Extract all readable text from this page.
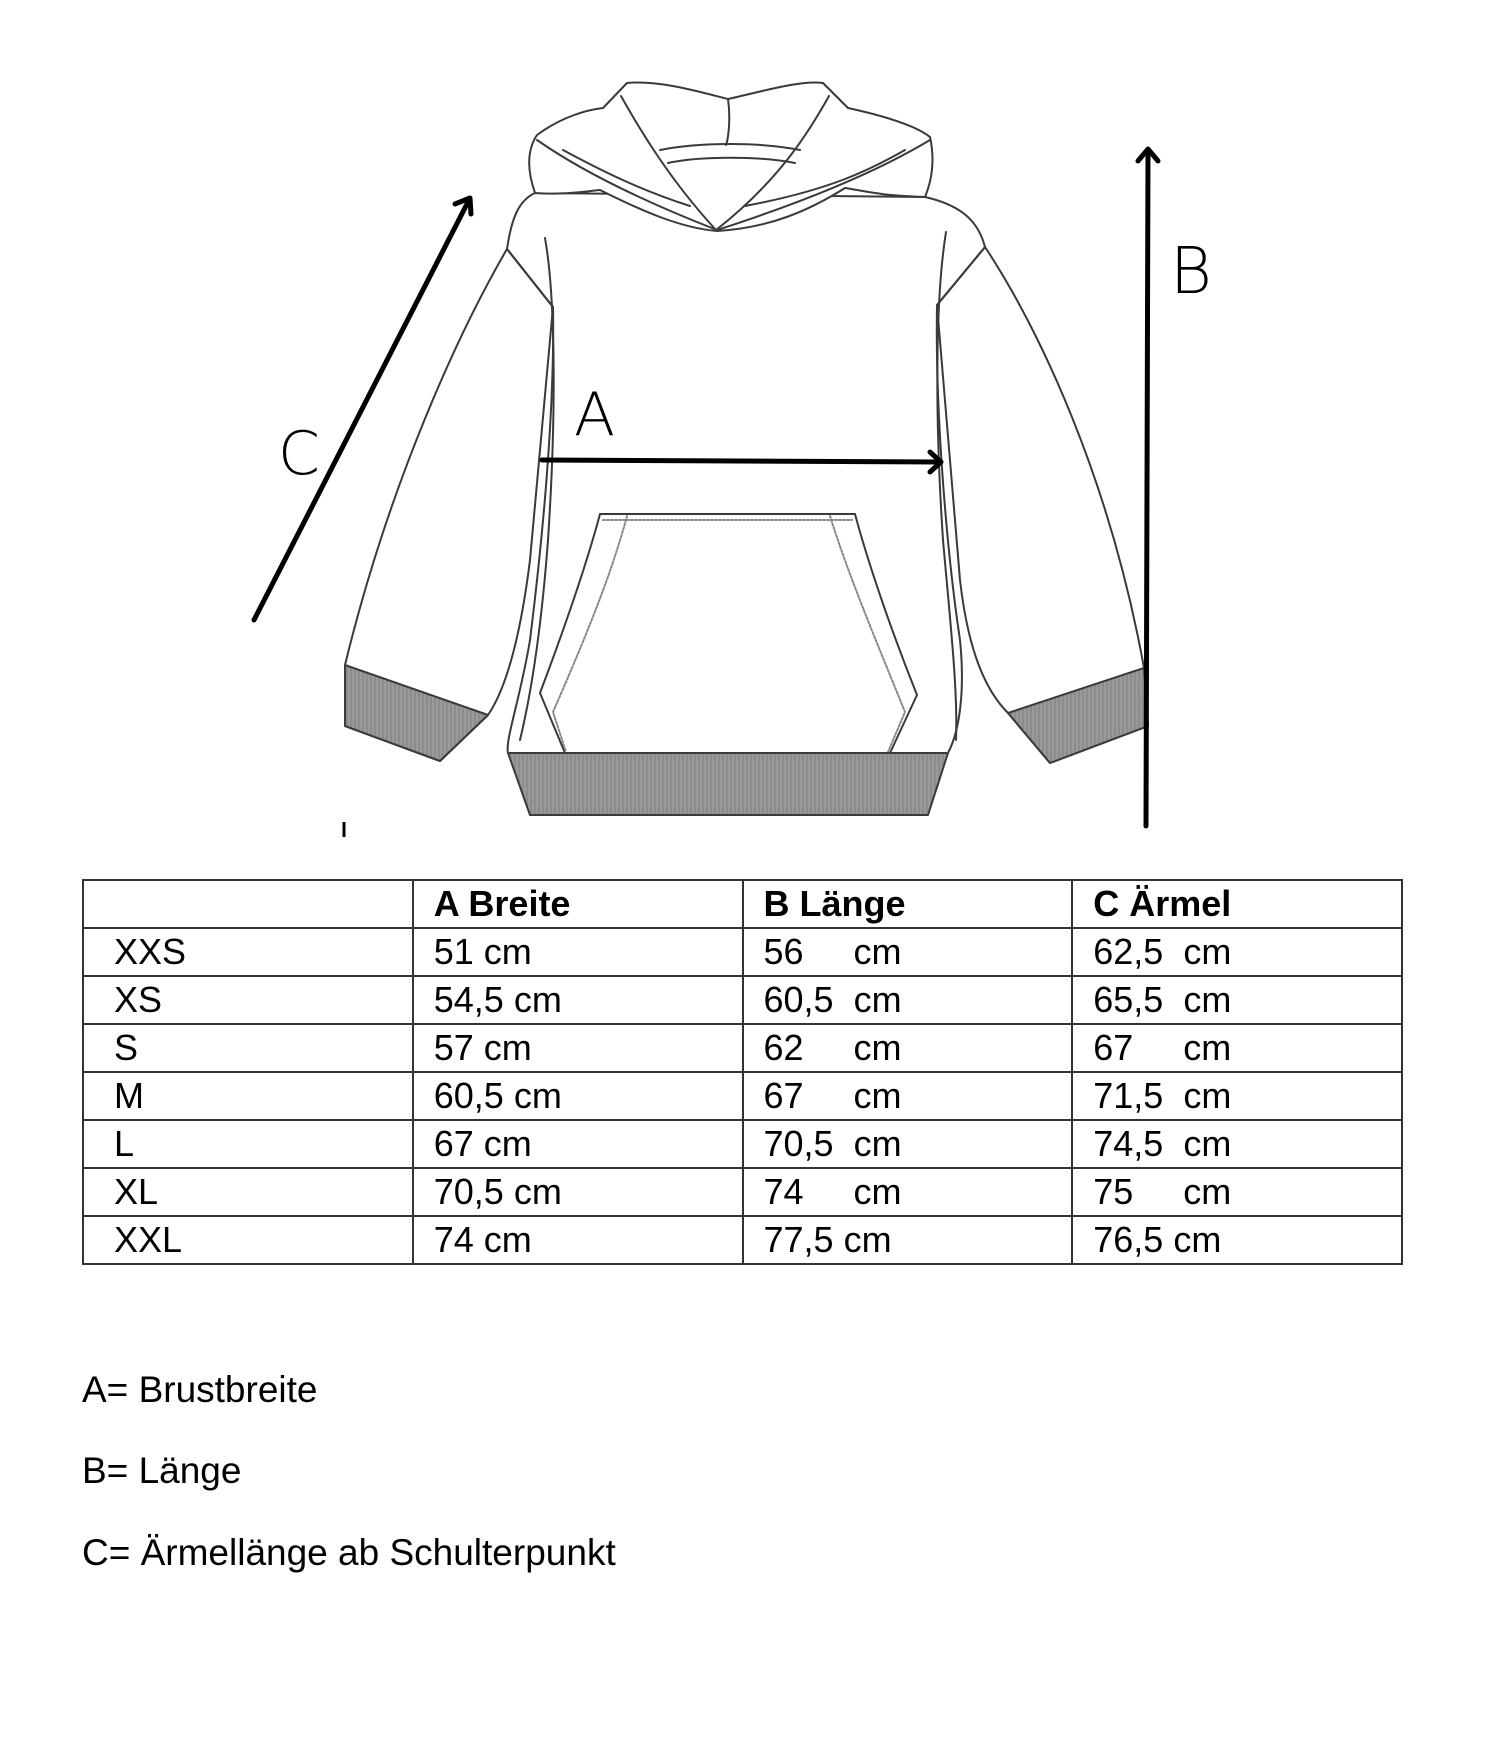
A
B
C
	A Breite	B Länge	C Ärmel
XXS	51 cm	56     cm	62,5  cm
XS	54,5 cm	60,5  cm	65,5  cm
S	57 cm	62     cm	67     cm
M	60,5 cm	67     cm	71,5  cm
L	67 cm	70,5  cm	74,5  cm
XL	70,5 cm	74     cm	75     cm
XXL	74 cm	77,5 cm	76,5 cm
A= Brustbreite
B= Länge
C= Ärmellänge ab Schulterpunkt
